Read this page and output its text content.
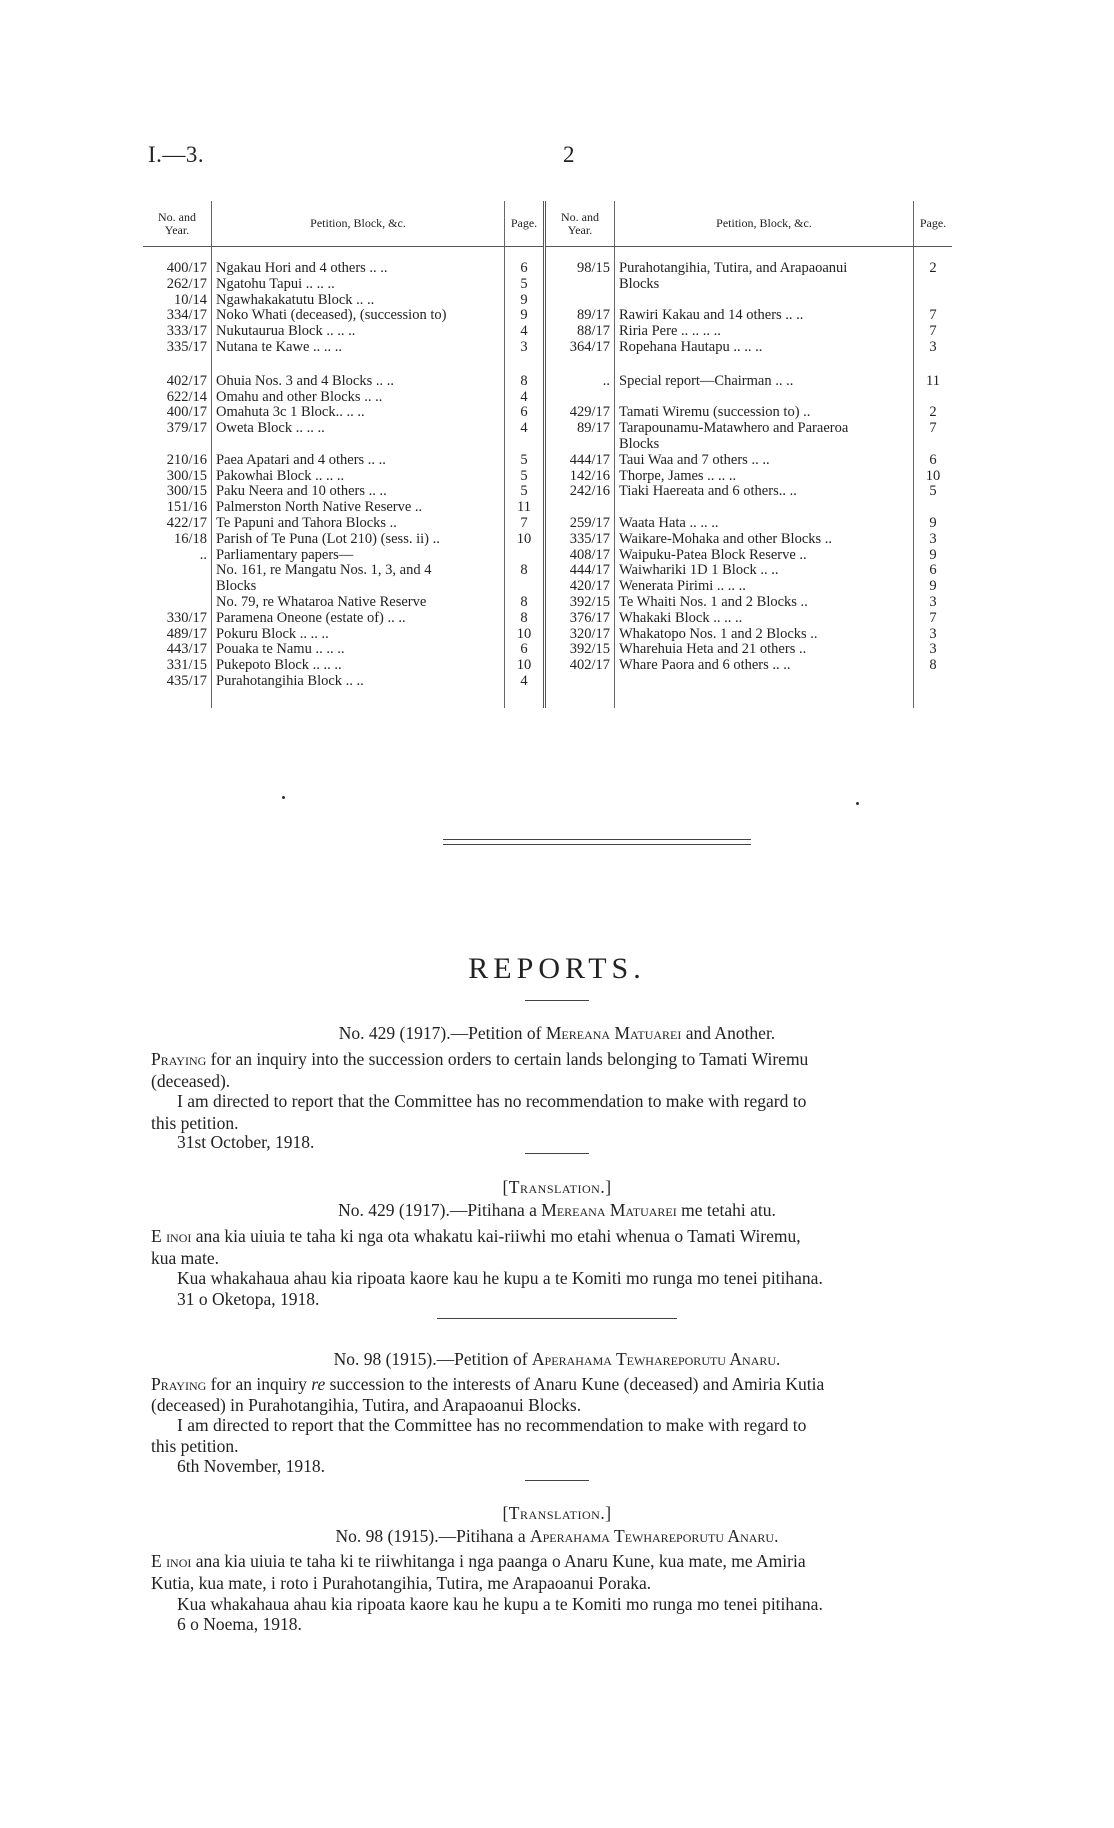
I.—3.	2
No. and Year.	Petition, Block, &c.	Page.	No. and Year.	Petition, Block, &c.	Page.
400/17	Ngakau Hori and 4 others .. ..	6	98/15	Purahotangihia, Tutira, and Arapaoanui	2
262/17	Ngatohu Tapui .. .. ..	5		Blocks	
10/14	Ngawhakakatutu Block .. ..	9			
334/17	Noko Whati (deceased), (succession to)	9	89/17	Rawiri Kakau and 14 others .. ..	7
333/17	Nukutaurua Block .. .. ..	4	88/17	Riria Pere .. .. .. ..	7
335/17	Nutana te Kawe .. .. ..	3	364/17	Ropehana Hautapu .. .. ..	3

402/17	Ohuia Nos. 3 and 4 Blocks .. ..	8	..	Special report—Chairman .. ..	11
622/14	Omahu and other Blocks .. ..	4			
400/17	Omahuta 3c 1 Block.. .. ..	6	429/17	Tamati Wiremu (succession to) ..	2
379/17	Oweta Block .. .. ..	4	89/17	Tarapounamu-Matawhero and Paraeroa	7
				Blocks	
210/16	Paea Apatari and 4 others .. ..	5	444/17	Taui Waa and 7 others .. ..	6
300/15	Pakowhai Block .. .. ..	5	142/16	Thorpe, James .. .. ..	10
300/15	Paku Neera and 10 others .. ..	5	242/16	Tiaki Haereata and 6 others.. ..	5
151/16	Palmerston North Native Reserve ..	11			
422/17	Te Papuni and Tahora Blocks ..	7	259/17	Waata Hata .. .. ..	9
16/18	Parish of Te Puna (Lot 210) (sess. ii) ..	10	335/17	Waikare-Mohaka and other Blocks ..	3
..	Parliamentary papers—		408/17	Waipuku-Patea Block Reserve ..	9
	No. 161, re Mangatu Nos. 1, 3, and 4	8	444/17	Waiwhariki 1D 1 Block .. ..	6
	Blocks		420/17	Wenerata Pirimi .. .. ..	9
	No. 79, re Whataroa Native Reserve	8	392/15	Te Whaiti Nos. 1 and 2 Blocks ..	3
330/17	Paramena Oneone (estate of) .. ..	8	376/17	Whakaki Block .. .. ..	7
489/17	Pokuru Block .. .. ..	10	320/17	Whakatopo Nos. 1 and 2 Blocks ..	3
443/17	Pouaka te Namu .. .. ..	6	392/15	Wharehuia Heta and 21 others ..	3
331/15	Pukepoto Block .. .. ..	10	402/17	Whare Paora and 6 others .. ..	8
435/17	Purahotangihia Block .. ..	4			
REPORTS.
No. 429 (1917).—Petition of Mereana Matuarei and Another.
Praying for an inquiry into the succession orders to certain lands belonging to Tamati Wiremu
(deceased).
I am directed to report that the Committee has no recommendation to make with regard to
this petition.
31st October, 1918.
[Translation.]
No. 429 (1917).—Pitihana a Mereana Matuarei me tetahi atu.
E inoi ana kia uiuia te taha ki nga ota whakatu kai-riiwhi mo etahi whenua o Tamati Wiremu,
kua mate.
Kua whakahaua ahau kia ripoata kaore kau he kupu a te Komiti mo runga mo tenei pitihana.
31 o Oketopa, 1918.
No. 98 (1915).—Petition of Aperahama Tewhareporutu Anaru.
Praying for an inquiry re succession to the interests of Anaru Kune (deceased) and Amiria Kutia
(deceased) in Purahotangihia, Tutira, and Arapaoanui Blocks.
I am directed to report that the Committee has no recommendation to make with regard to
this petition.
6th November, 1918.
[Translation.]
No. 98 (1915).—Pitihana a Aperahama Tewhareporutu Anaru.
E inoi ana kia uiuia te taha ki te riiwhitanga i nga paanga o Anaru Kune, kua mate, me Amiria
Kutia, kua mate, i roto i Purahotangihia, Tutira, me Arapaoanui Poraka.
Kua whakahaua ahau kia ripoata kaore kau he kupu a te Komiti mo runga mo tenei pitihana.
6 o Noema, 1918.
